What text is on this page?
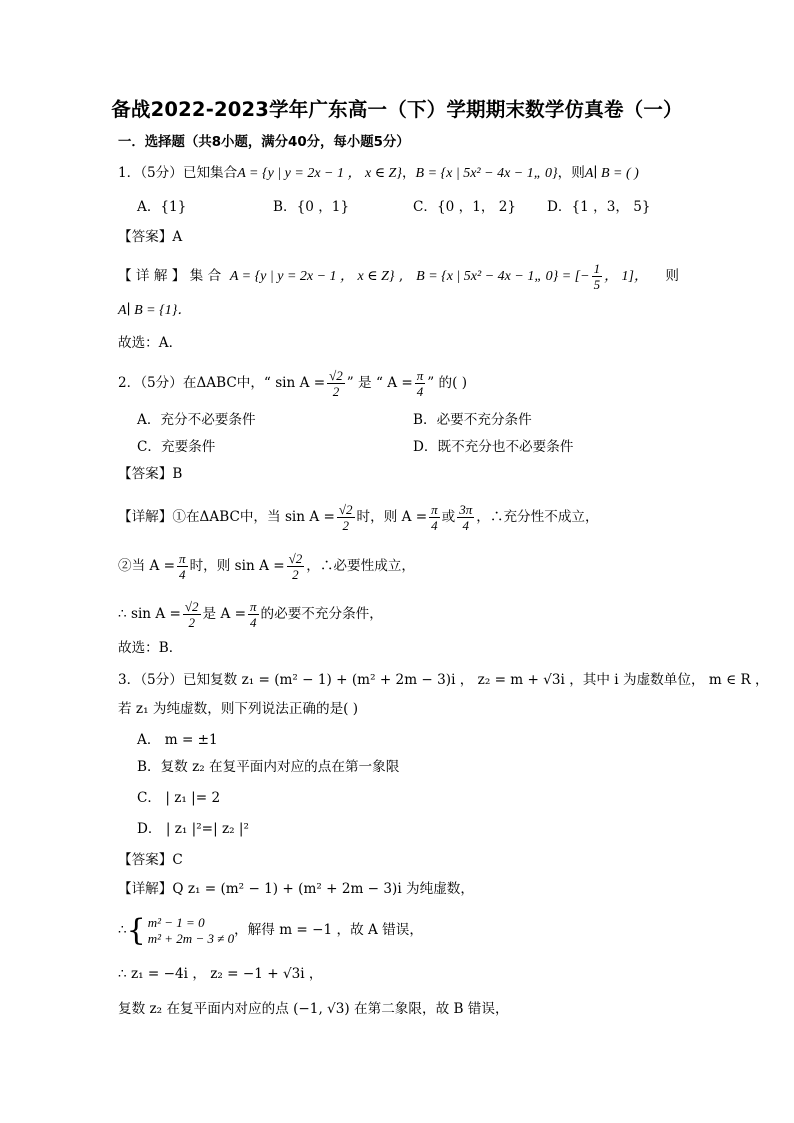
备战2022-2023学年广东高一（下）学期期末数学仿真卷（一）
一．选择题（共8小题，满分40分，每小题5分）
1．（5分）已知集合A = {y | y = 2x − 1 ， x ∈ Z}，B = {x | 5x² − 4x − 1„ 0}，则A∣ B = ( )
A．{1}	B．{0 ，1}	C．{0 ，1， 2} D．{1 ，3， 5}
【答案】A
【 详 解 】 集 合 A = {y | y = 2x − 1 ， x ∈ Z} ,   B = {x | 5x² − 4x − 1„ 0} = [− $\frac{1}{5}$ ， 1]， 则
A∣ B = {1}．
故选：A．
2．（5分）在ΔABC中，“ $\sin A = \frac{√2}{2}$ ” 是 “ $A = \frac{\pi}{4}$ ” 的( )
A．充分不必要条件	B．必要不充分条件
C．充要条件	D．既不充分也不必要条件
【答案】B
【详解】①在ΔABC中，当 $\sin A = \frac{√2}{2}$ 时，则 $A = \frac{\pi}{4}$ 或 $\frac{3\pi}{4}$ ，∴充分性不成立，
②当 $A = \frac{\pi}{4}$ 时，则 $\sin A = \frac{√2}{2}$ ，∴必要性成立，
∴ $\sin A = \frac{√2}{2}$ 是 $A = \frac{\pi}{4}$ 的必要不充分条件，
故选：B．
3．（5分）已知复数 z₁ = (m² − 1) + (m² + 2m − 3)i ， z₂ = m + √3i ，其中 i 为虚数单位， m ∈ R ，
若 z₁ 为纯虚数，则下列说法正确的是( )
A． m = ±1
B．复数 z₂ 在复平面内对应的点在第一象限
C． | z₁ |= 2
D． | z₁ |²=| z₂ |²
【答案】C
【详解】Q z₁ = (m² − 1) + (m² + 2m − 3)i 为纯虚数，
∴{ m² − 1 = 0
m² + 2m − 3 ≠ 0 ，解得 m = −1 ，故 A 错误，
∴ z₁ = −4i ， z₂ = −1 + √3i ，
复数 z₂ 在复平面内对应的点 (−1, √3) 在第二象限，故 B 错误，
